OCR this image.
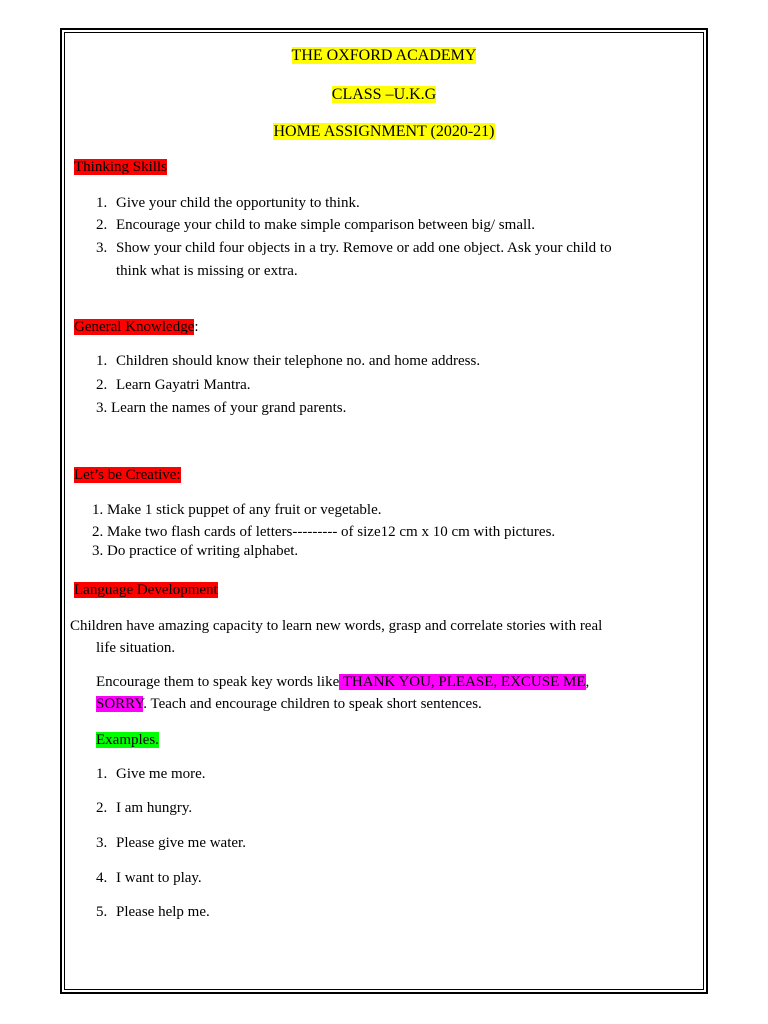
THE OXFORD ACADEMY
CLASS –U.K.G
HOME ASSIGNMENT (2020-21)
Thinking Skills
1. Give your child the opportunity to think.
2. Encourage your child to make simple comparison between big/ small.
3. Show your child four objects in a try. Remove or add one object. Ask your child to
think what is missing or extra.
General Knowledge:
1. Children should know their telephone no. and home address.
2. Learn Gayatri Mantra.
3. Learn the names of your grand parents.
Let’s be Creative:
1. Make 1 stick puppet of any fruit or vegetable.
2. Make two flash cards of letters--------- of size12 cm x 10 cm with pictures.
3. Do practice of writing alphabet.
Language Development
Children have amazing capacity to learn new words, grasp and correlate stories with real
life situation.
Encourage them to speak key words like THANK YOU, PLEASE, EXCUSE ME,
SORRY. Teach and encourage children to speak short sentences.
Examples.
1. Give me more.
2. I am hungry.
3. Please give me water.
4. I want to play.
5. Please help me.
